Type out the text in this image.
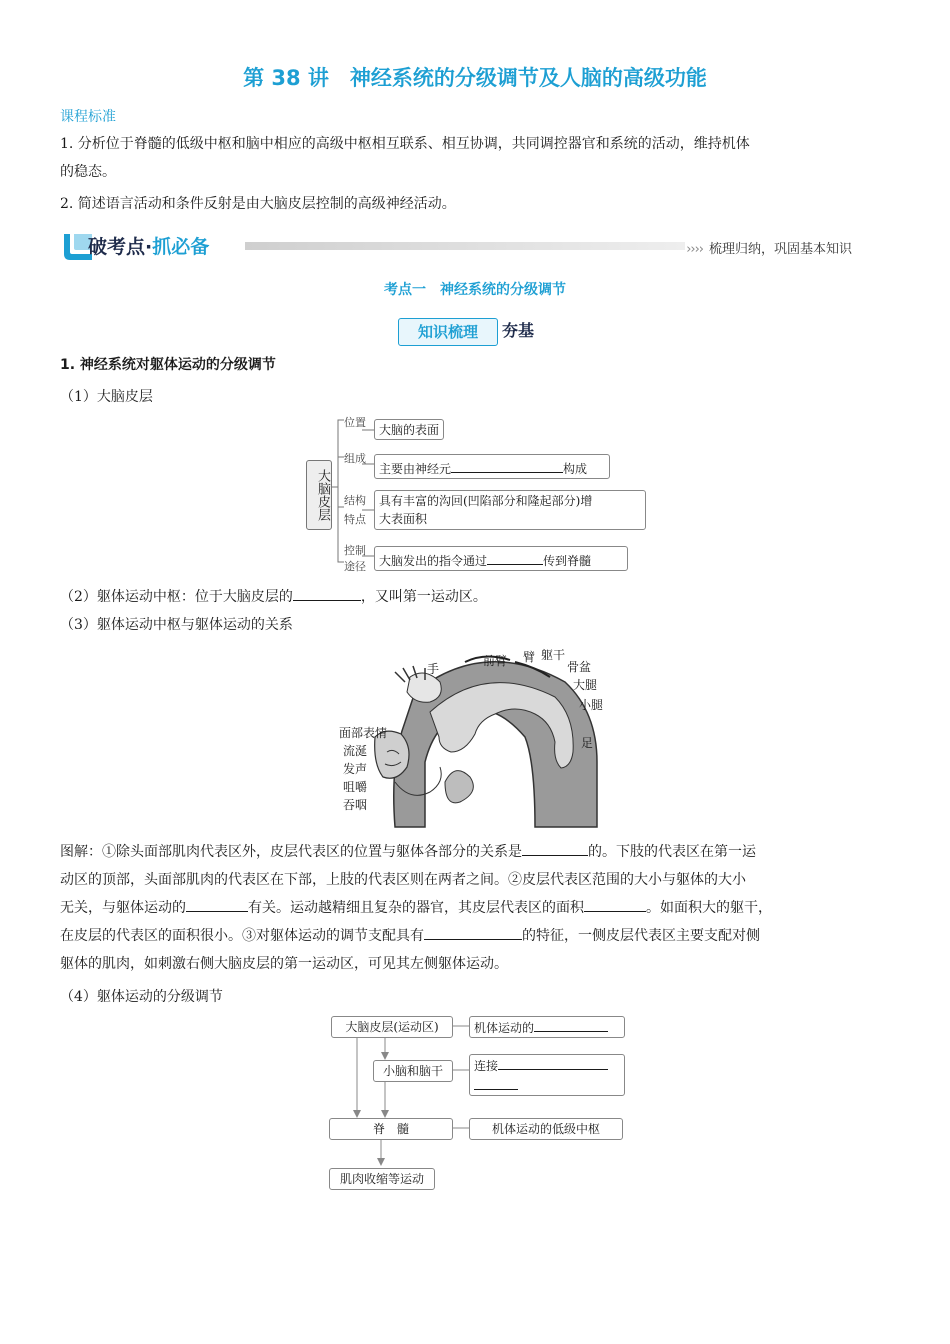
第 38 讲　神经系统的分级调节及人脑的高级功能
课程标准
1. 分析位于脊髓的低级中枢和脑中相应的高级中枢相互联系、相互协调，共同调控器官和系统的活动，维持机体
的稳态。
2. 简述语言活动和条件反射是由大脑皮层控制的高级神经活动。
破考点·抓必备	›››› 梳理归纳，巩固基本知识
考点一　神经系统的分级调节
知识梳理	夯基
1. 神经系统对躯体运动的分级调节
（1）大脑皮层
大脑皮层
位置
大脑的表面
组成
主要由神经元	构成
结构
特点
具有丰富的沟回(凹陷部分和隆起部分)增
大表面积
控制
途径	大脑发出的指令通过	传到脊髓
（2）躯体运动中枢：位于大脑皮层的	，又叫第一运动区。
（3）躯体运动中枢与躯体运动的关系
手
前臂 臂 躯干
骨盆
大腿
小腿
足
面部表情
流涎
发声
咀嚼
吞咽
图解：①除头面部肌肉代表区外，皮层代表区的位置与躯体各部分的关系是	的。下肢的代表区在第一运
动区的顶部，头面部肌肉的代表区在下部，上肢的代表区则在两者之间。②皮层代表区范围的大小与躯体的大小
无关，与躯体运动的	有关。运动越精细且复杂的器官，其皮层代表区的面积	。如面积大的躯干，
在皮层的代表区的面积很小。③对躯体运动的调节支配具有	的特征，一侧皮层代表区主要支配对侧
躯体的肌肉，如刺激右侧大脑皮层的第一运动区，可见其左侧躯体运动。
（4）躯体运动的分级调节
大脑皮层(运动区)	机体运动的
小脑和脑干	连接
脊　髓	机体运动的低级中枢
肌肉收缩等运动
